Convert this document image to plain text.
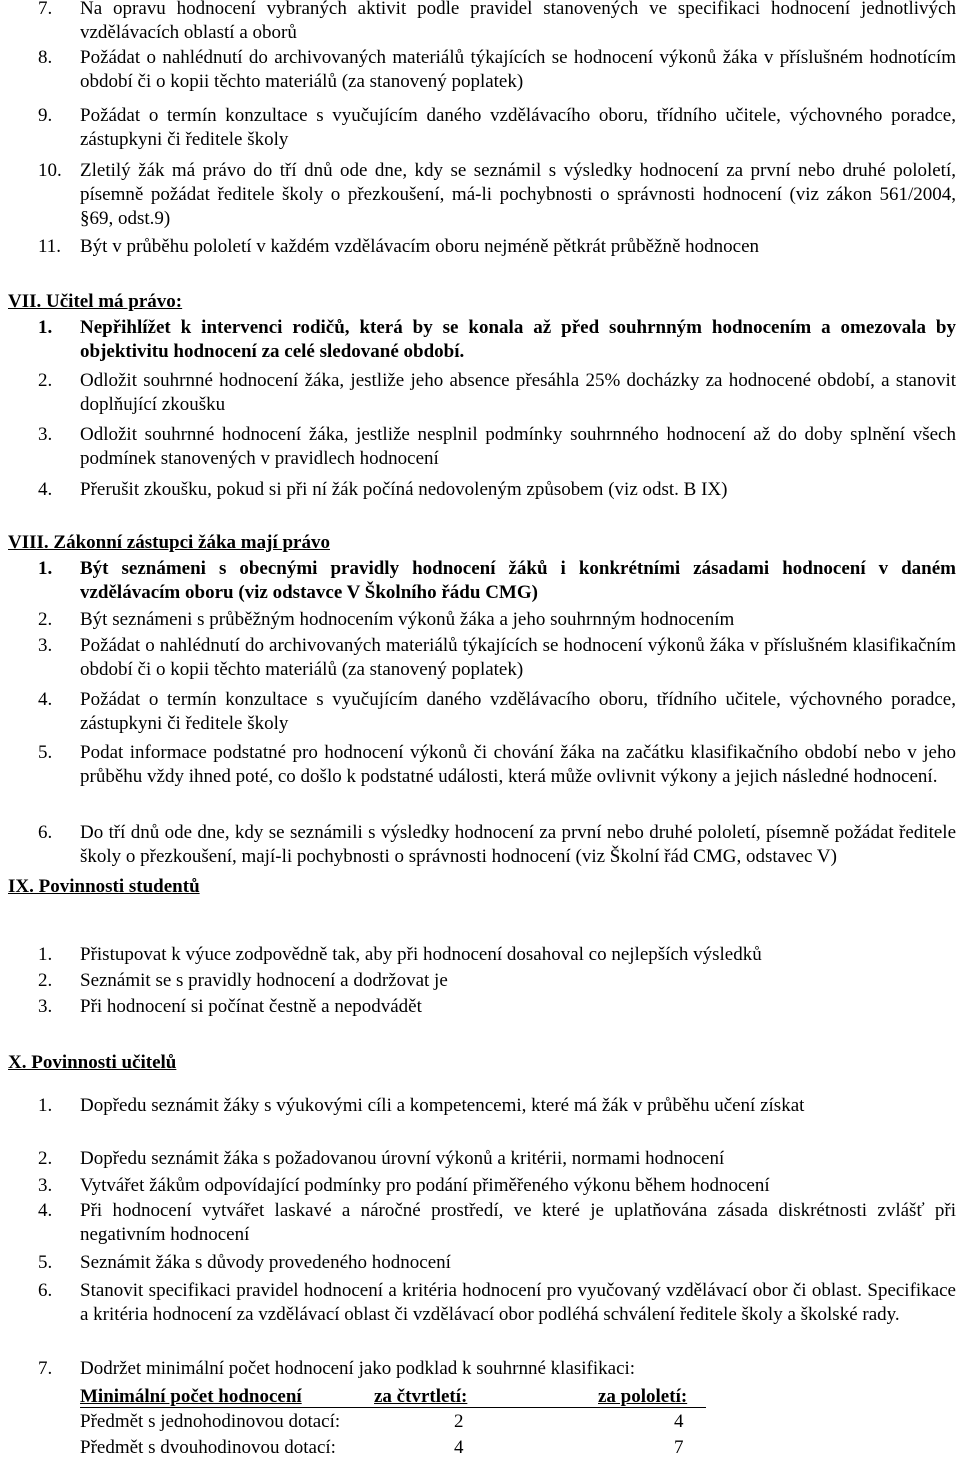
7.	Na opravu hodnocení vybraných aktivit podle pravidel stanovených ve specifikaci hodnocení jednotlivých vzdělávacích oblastí a oborů
8.	Požádat o nahlédnutí do archivovaných materiálů týkajících se hodnocení výkonů žáka v příslušném hodnotícím období či o kopii těchto materiálů (za stanovený poplatek)
9.	Požádat o termín konzultace s vyučujícím daného vzdělávacího oboru, třídního učitele, výchovného poradce, zástupkyni či ředitele školy
10. Zletilý žák má právo do tří dnů ode dne, kdy se seznámil s výsledky hodnocení za první nebo druhé pololetí, písemně požádat ředitele školy o přezkoušení, má-li pochybnosti o správnosti hodnocení (viz zákon 561/2004, §69, odst.9)
11. Být v průběhu pololetí v každém vzdělávacím oboru nejméně pětkrát průběžně hodnocen
VII. Učitel má právo:
1.	Nepřihlížet k intervenci rodičů, která by se konala až před souhrnným hodnocením a omezovala by objektivitu hodnocení za celé sledované období.
2.	Odložit souhrnné hodnocení žáka, jestliže jeho absence přesáhla 25% docházky za hodnocené období, a stanovit doplňující zkoušku
3.	Odložit souhrnné hodnocení žáka, jestliže nesplnil podmínky souhrnného hodnocení až do doby splnění všech podmínek stanovených v pravidlech hodnocení
4.	Přerušit zkoušku, pokud si při ní žák počíná nedovoleným způsobem (viz odst. B IX)
VIII. Zákonní zástupci žáka mají právo
1.	Být seznámeni s obecnými pravidly hodnocení žáků i konkrétními zásadami hodnocení v daném vzdělávacím oboru (viz odstavce V Školního řádu CMG)
2.	Být seznámeni s průběžným hodnocením výkonů žáka a jeho souhrnným hodnocením
3.	Požádat o nahlédnutí do archivovaných materiálů týkajících se hodnocení výkonů žáka v příslušném klasifikačním období či o kopii těchto materiálů (za stanovený poplatek)
4.	Požádat o termín konzultace s vyučujícím daného vzdělávacího oboru, třídního učitele, výchovného poradce, zástupkyni či ředitele školy
5.	Podat informace podstatné pro hodnocení výkonů či chování žáka na začátku klasifikačního období nebo v jeho průběhu vždy ihned poté, co došlo k podstatné události, která může ovlivnit výkony a jejich následné hodnocení.
6.	Do tří dnů ode dne, kdy se seznámili s výsledky hodnocení za první nebo druhé pololetí, písemně požádat ředitele školy o přezkoušení, mají-li pochybnosti o správnosti hodnocení (viz Školní řád CMG, odstavec V)
IX. Povinnosti studentů
1.	Přistupovat k výuce zodpovědně tak, aby při hodnocení dosahoval co nejlepších výsledků
2.	Seznámit se s pravidly hodnocení a dodržovat je
3.	Při hodnocení si počínat čestně a nepodvádět
X. Povinnosti učitelů
1.	Dopředu seznámit žáky s výukovými cíli a kompetencemi, které má žák v průběhu učení získat
2.	Dopředu seznámit žáka s požadovanou úrovní výkonů a kritérii, normami hodnocení
3.	Vytvářet žákům odpovídající podmínky pro podání přiměřeného výkonu během hodnocení
4.	Při hodnocení vytvářet laskavé a náročné prostředí, ve které je uplatňována zásada diskrétnosti zvlášť při negativním hodnocení
5.	Seznámit žáka s důvody provedeného hodnocení
6.	Stanovit specifikaci pravidel hodnocení a kritéria hodnocení pro vyučovaný vzdělávací obor či oblast. Specifikace a kritéria hodnocení za vzdělávací oblast či vzdělávací obor podléhá schválení ředitele školy a školské rady.
7.	Dodržet minimální počet hodnocení jako podklad k souhrnné klasifikaci:
Minimální počet hodnocení	za čtvrtletí:	za pololetí:
Předmět s jednohodinovou dotací:	2	4
Předmět s dvouhodinovou dotací:	4	7
